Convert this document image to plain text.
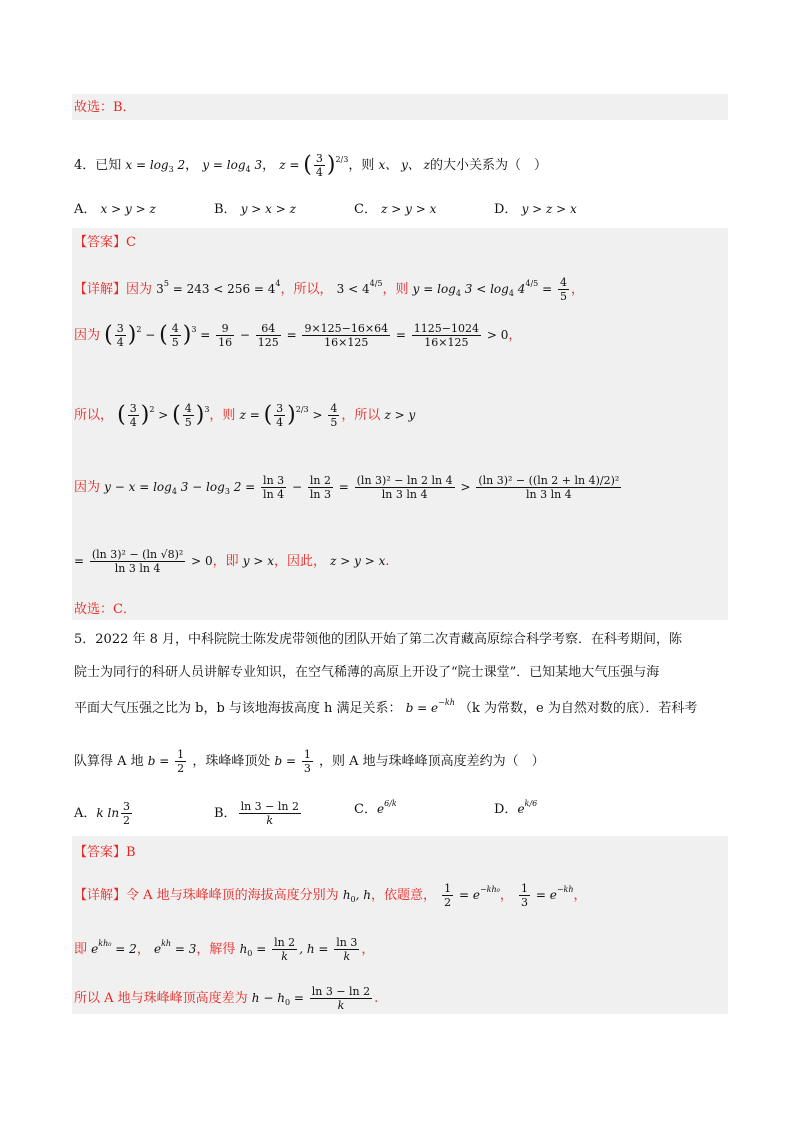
故选：B．
4．已知 $x = \log_3 2$， $y = \log_4 3$， z = ( $\frac{3}{4} )^{2/3}$，则 x、 y、 z的大小关系为（　）
A． x > y > z	B． y > x > z	C． z > y > x	D． y > z > x
【答案】C
【详解】因为 $3^5 = 243 < 256 = 4^4$，所以， $3 < 4^{4/5}$，则 $y = \log_4 3 < \log_4 4^{4/5} = \frac{4}{5}$ ，
因为 ( $\frac{3}{4} )^2$ − ( $\frac{4}{5} )^3 = \frac{9}{16} - \frac{64}{125} = \frac{9\times 125-16\times 64}{16\times 125} = \frac{1125-1024}{16\times 125} > 0$，
所以， ( $\frac{3}{4} )^2$ > ( $\frac{4}{5} )^3$，则 z = ( $\frac{3}{4} )^{2/3} > \frac{4}{5}$ ，所以 z > y
因为 $y - x = \log_4 3 - \log_3 2 = \frac{\ln 3}{\ln 4} - \frac{\ln 2}{\ln 3} = \frac{\text{(ln 3)² − ln 2 ln 4}}{\ln 3 \ln 4} > \frac{\text{(ln 3)² − ((ln 2 + ln 4)/2)²}}{\ln 3 \ln 4}$
= $\frac{\text{(ln 3)² − (ln √8)²}}{\ln 3 \ln 4} > 0$，即 y > x，因此， z > y > x.
故选：C．
5．2022 年 8 月，中科院院士陈发虎带领他的团队开始了第二次青藏高原综合科学考察．在科考期间，陈
院士为同行的科研人员讲解专业知识，在空气稀薄的高原上开设了“院士课堂”．已知某地大气压强与海
平面大气压强之比为 b，b 与该地海拔高度 h 满足关系： $b = e^{-kh}$ （k 为常数，e 为自然对数的底）．若科考
队算得 A 地 $b = \frac{1}{2}$ ，珠峰峰顶处 $b = \frac{1}{3}$ ，则 A 地与珠峰峰顶高度差约为（　）
A．k $\ln \frac{3}{2}$	B． $\frac{\ln 3 - \ln 2}{k}$	C．$e^{6/k}$	D．$e^{k/6}$
【答案】B
【详解】令 A 地与珠峰峰顶的海拔高度分别为 $h_0$, h，依题意， $\frac{1}{2} = e^{-kh_0}$， $\frac{1}{3} = e^{-kh}$，
即 $e^{kh_0} = 2$， $e^{kh} = 3$，解得 $h_0 = \frac{\ln 2}{k}$ , $h = \frac{\ln 3}{k}$ ，
所以 A 地与珠峰峰顶高度差为 $h - h_0 = \frac{\ln 3 - \ln 2}{k}$ .
